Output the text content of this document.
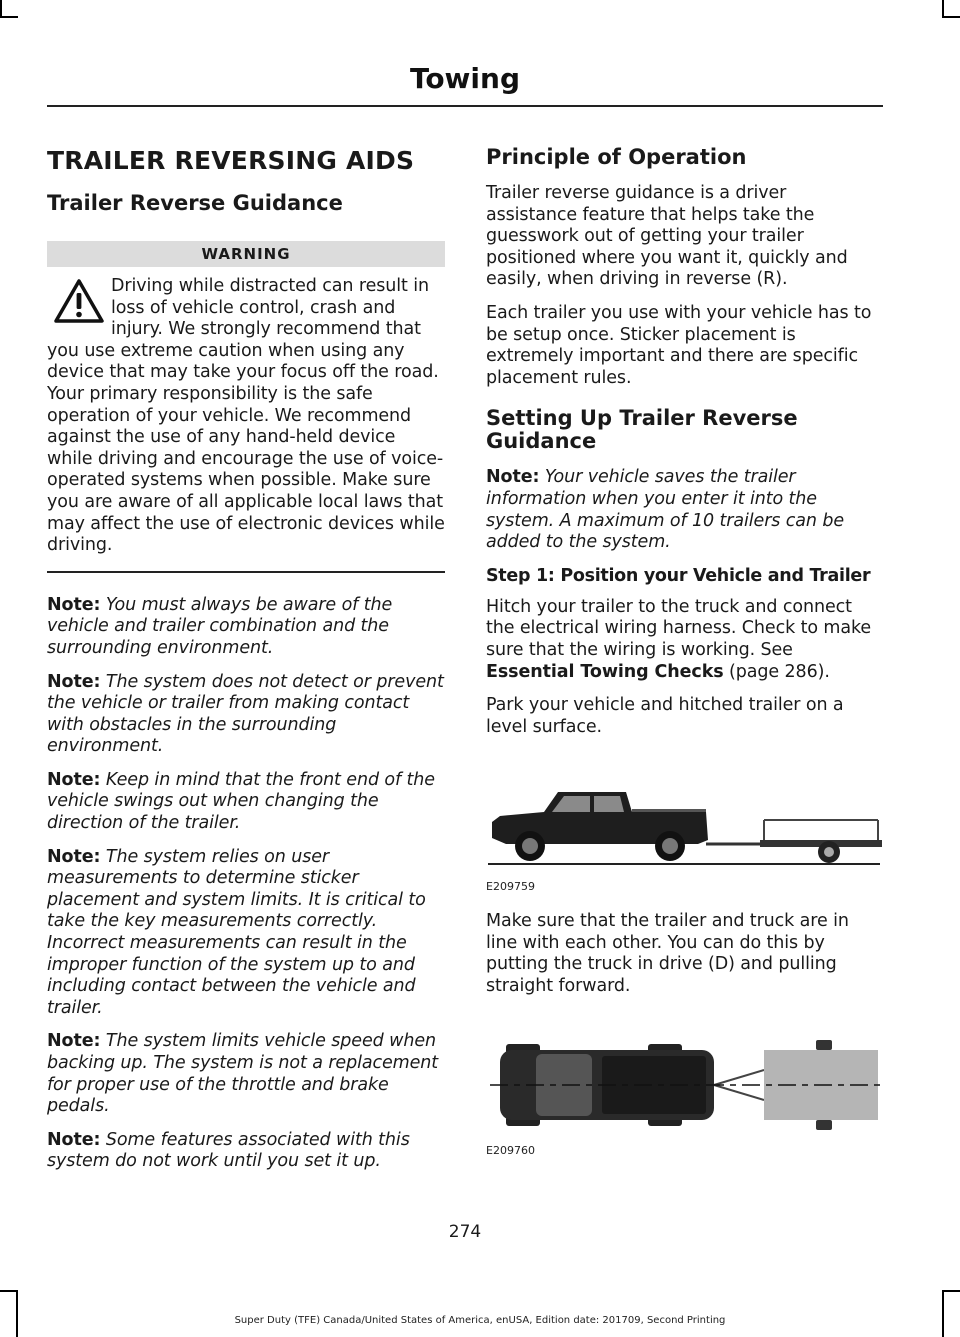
Towing
TRAILER REVERSING AIDS
Trailer Reverse Guidance
WARNING
Driving while distracted can result in loss of vehicle control, crash and injury. We strongly recommend that you use extreme caution when using any device that may take your focus off the road. Your primary responsibility is the safe operation of your vehicle. We recommend against the use of any hand-held device while driving and encourage the use of voice-operated systems when possible. Make sure you are aware of all applicable local laws that may affect the use of electronic devices while driving.

Note: You must always be aware of the vehicle and trailer combination and the surrounding environment.

Note: The system does not detect or prevent the vehicle or trailer from making contact with obstacles in the surrounding environment.

Note: Keep in mind that the front end of the vehicle swings out when changing the direction of the trailer.

Note: The system relies on user measurements to determine sticker placement and system limits. It is critical to take the key measurements correctly. Incorrect measurements can result in the improper function of the system up to and including contact between the vehicle and trailer.

Note: The system limits vehicle speed when backing up. The system is not a replacement for proper use of the throttle and brake pedals.

Note: Some features associated with this system do not work until you set it up.

Principle of Operation

Trailer reverse guidance is a driver assistance feature that helps take the guesswork out of getting your trailer positioned where you want it, quickly and easily, when driving in reverse (R).

Each trailer you use with your vehicle has to be setup once. Sticker placement is extremely important and there are specific placement rules.

Setting Up Trailer Reverse Guidance

Note: Your vehicle saves the trailer information when you enter it into the system. A maximum of 10 trailers can be added to the system.

Step 1: Position your Vehicle and Trailer

Hitch your trailer to the truck and connect the electrical wiring harness. Check to make sure that the wiring is working. See Essential Towing Checks (page 286).

Park your vehicle and hitched trailer on a level surface.

E209759

Make sure that the trailer and truck are in line with each other. You can do this by putting the truck in drive (D) and pulling straight forward.

E209760
274
Super Duty (TFE) Canada/United States of America, enUSA, Edition date: 201709, Second Printing
